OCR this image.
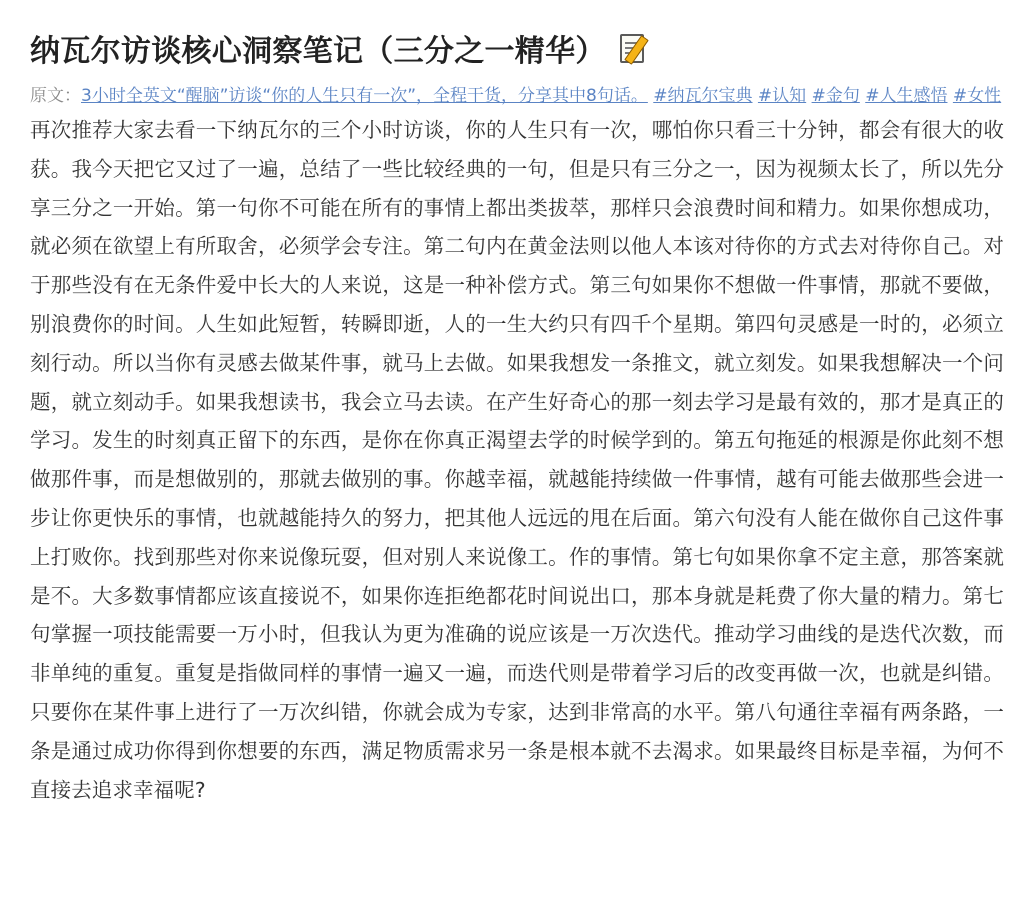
纳瓦尔访谈核心洞察笔记（三分之一精华）
原文：3小时全英文“醒脑”访谈“你的人生只有一次”，全程干货，分享其中8句话。 #纳瓦尔宝典 #认知 #金句 #人生感悟 #女性
再次推荐大家去看一下纳瓦尔的三个小时访谈，你的人生只有一次，哪怕你只看三十分钟，都会有很大的收获。我今天把它又过了一遍，总结了一些比较经典的一句，但是只有三分之一，因为视频太长了，所以先分享三分之一开始。第一句你不可能在所有的事情上都出类拔萃，那样只会浪费时间和精力。如果你想成功，就必须在欲望上有所取舍，必须学会专注。第二句内在黄金法则以他人本该对待你的方式去对待你自己。对于那些没有在无条件爱中长大的人来说，这是一种补偿方式。第三句如果你不想做一件事情，那就不要做，别浪费你的时间。人生如此短暂，转瞬即逝，人的一生大约只有四千个星期。第四句灵感是一时的，必须立刻行动。所以当你有灵感去做某件事，就马上去做。如果我想发一条推文，就立刻发。如果我想解决一个问题，就立刻动手。如果我想读书，我会立马去读。在产生好奇心的那一刻去学习是最有效的，那才是真正的学习。发生的时刻真正留下的东西，是你在你真正渴望去学的时候学到的。第五句拖延的根源是你此刻不想做那件事，而是想做别的，那就去做别的事。你越幸福，就越能持续做一件事情，越有可能去做那些会进一步让你更快乐的事情，也就越能持久的努力，把其他人远远的甩在后面。第六句没有人能在做你自己这件事上打败你。找到那些对你来说像玩耍，但对别人来说像工。作的事情。第七句如果你拿不定主意，那答案就是不。大多数事情都应该直接说不，如果你连拒绝都花时间说出口，那本身就是耗费了你大量的精力。第七句掌握一项技能需要一万小时，但我认为更为准确的说应该是一万次迭代。推动学习曲线的是迭代次数，而非单纯的重复。重复是指做同样的事情一遍又一遍，而迭代则是带着学习后的改变再做一次，也就是纠错。只要你在某件事上进行了一万次纠错，你就会成为专家，达到非常高的水平。第八句通往幸福有两条路，一条是通过成功你得到你想要的东西，满足物质需求另一条是根本就不去渴求。如果最终目标是幸福，为何不直接去追求幸福呢?
